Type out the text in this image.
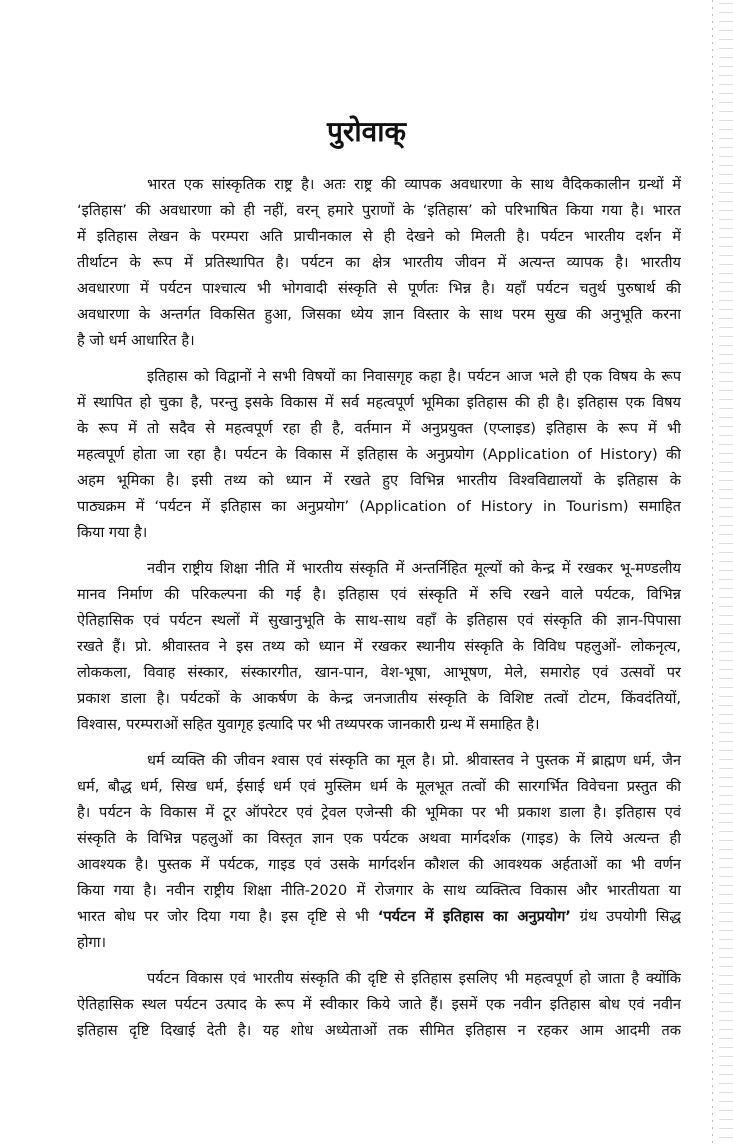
पुरोवाक्
भारत एक सांस्कृतिक राष्ट्र है। अतः राष्ट्र की व्यापक अवधारणा के साथ वैदिककालीन ग्रन्थों में
‘इतिहास’ की अवधारणा को ही नहीं, वरन् हमारे पुराणों के ‘इतिहास’ को परिभाषित किया गया है। भारत
में इतिहास लेखन के परम्परा अति प्राचीनकाल से ही देखने को मिलती है। पर्यटन भारतीय दर्शन में
तीर्थाटन के रूप में प्रतिस्थापित है। पर्यटन का क्षेत्र भारतीय जीवन में अत्यन्त व्यापक है। भारतीय
अवधारणा में पर्यटन पाश्चात्य भी भोगवादी संस्कृति से पूर्णतः भिन्न है। यहाँ पर्यटन चतुर्थ पुरुषार्थ की
अवधारणा के अन्तर्गत विकसित हुआ, जिसका ध्येय ज्ञान विस्तार के साथ परम सुख की अनुभूति करना
है जो धर्म आधारित है।
इतिहास को विद्वानों ने सभी विषयों का निवासगृह कहा है। पर्यटन आज भले ही एक विषय के रूप
में स्थापित हो चुका है, परन्तु इसके विकास में सर्व महत्वपूर्ण भूमिका इतिहास की ही है। इतिहास एक विषय
के रूप में तो सदैव से महत्वपूर्ण रहा ही है, वर्तमान में अनुप्रयुक्त (एप्लाइड) इतिहास के रूप में भी
महत्वपूर्ण होता जा रहा है। पर्यटन के विकास में इतिहास के अनुप्रयोग (Application of History) की
अहम भूमिका है। इसी तथ्य को ध्यान में रखते हुए विभिन्न भारतीय विश्वविद्यालयों के इतिहास के
पाठ्यक्रम में ‘पर्यटन में इतिहास का अनुप्रयोग’ (Application of History in Tourism) समाहित
किया गया है।
नवीन राष्ट्रीय शिक्षा नीति में भारतीय संस्कृति में अन्तर्निहित मूल्यों को केन्द्र में रखकर भू-मण्डलीय
मानव निर्माण की परिकल्पना की गई है। इतिहास एवं संस्कृति में रुचि रखने वाले पर्यटक, विभिन्न
ऐतिहासिक एवं पर्यटन स्थलों में सुखानुभूति के साथ-साथ वहाँ के इतिहास एवं संस्कृति की ज्ञान-पिपासा
रखते हैं। प्रो. श्रीवास्तव ने इस तथ्य को ध्यान में रखकर स्थानीय संस्कृति के विविध पहलुओं- लोकनृत्य,
लोककला, विवाह संस्कार, संस्कारगीत, खान-पान, वेश-भूषा, आभूषण, मेले, समारोह एवं उत्सवों पर
प्रकाश डाला है। पर्यटकों के आकर्षण के केन्द्र जनजातीय संस्कृति के विशिष्ट तत्वों टोटम, किंवदंतियों,
विश्वास, परम्पराओं सहित युवागृह इत्यादि पर भी तथ्यपरक जानकारी ग्रन्थ में समाहित है।
धर्म व्यक्ति की जीवन श्वास एवं संस्कृति का मूल है। प्रो. श्रीवास्तव ने पुस्तक में ब्राह्मण धर्म, जैन
धर्म, बौद्ध धर्म, सिख धर्म, ईसाई धर्म एवं मुस्लिम धर्म के मूलभूत तत्वों की सारगर्भित विवेचना प्रस्तुत की
है। पर्यटन के विकास में टूर ऑपरेटर एवं ट्रेवल एजेन्सी की भूमिका पर भी प्रकाश डाला है। इतिहास एवं
संस्कृति के विभिन्न पहलुओं का विस्तृत ज्ञान एक पर्यटक अथवा मार्गदर्शक (गाइड) के लिये अत्यन्त ही
आवश्यक है। पुस्तक में पर्यटक, गाइड एवं उसके मार्गदर्शन कौशल की आवश्यक अर्हताओं का भी वर्णन
किया गया है। नवीन राष्ट्रीय शिक्षा नीति-2020 में रोजगार के साथ व्यक्तित्व विकास और भारतीयता या
भारत बोध पर जोर दिया गया है। इस दृष्टि से भी ‘पर्यटन में इतिहास का अनुप्रयोग’ ग्रंथ उपयोगी सिद्ध
होगा।
पर्यटन विकास एवं भारतीय संस्कृति की दृष्टि से इतिहास इसलिए भी महत्वपूर्ण हो जाता है क्योंकि
ऐतिहासिक स्थल पर्यटन उत्पाद के रूप में स्वीकार किये जाते हैं। इसमें एक नवीन इतिहास बोध एवं नवीन
इतिहास दृष्टि दिखाई देती है। यह शोध अध्येताओं तक सीमित इतिहास न रहकर आम आदमी तक
